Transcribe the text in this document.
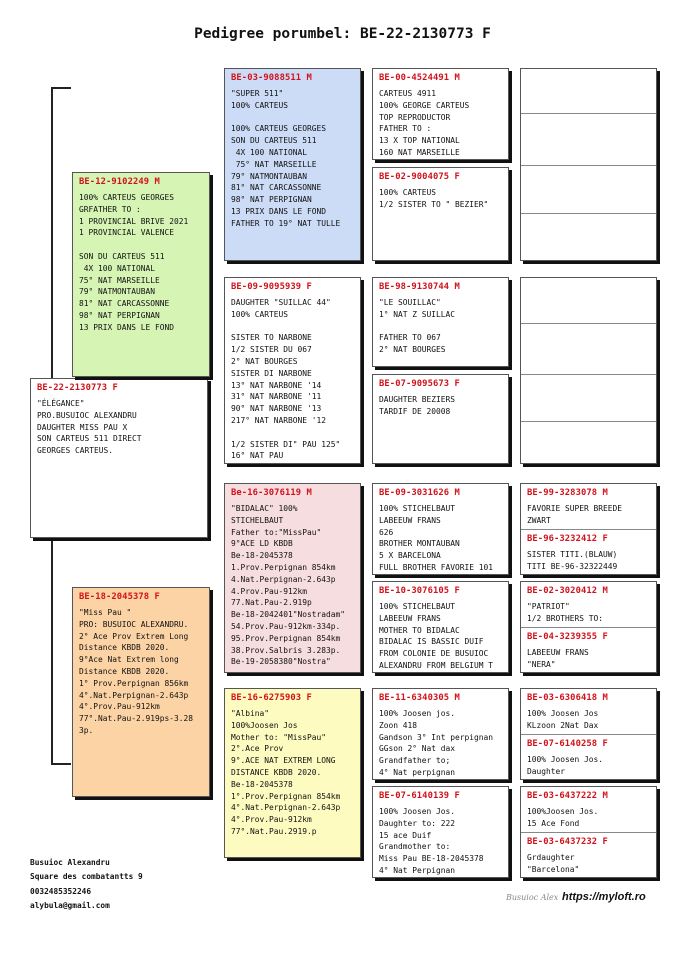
Pedigree porumbel: BE-22-2130773 F
BE-22-2130773 F
"ÉLÉGANCE"
PRO.BUSUIOC ALEXANDRU
DAUGHTER MISS PAU X
SON CARTEUS 511 DIRECT
GEORGES CARTEUS.
BE-12-9102249 M
100% CARTEUS GEORGES
GRFATHER TO :
1 PROVINCIAL BRIVE 2021
1 PROVINCIAL VALENCE

SON DU CARTEUS 511
4X 100 NATIONAL
75° NAT MARSEILLE
79° NATMONTAUBAN
81° NAT CARCASSONNE
98° NAT PERPIGNAN
13 PRIX DANS LE FOND
BE-18-2045378 F
"Miss Pau "
PRO: BUSUIOC ALEXANDRU.
2° Ace Prov Extrem Long
Distance KBDB 2020.
9°Ace Nat Extrem long
Distance KBDB 2020.
1° Prov.Perpignan 856km
4°.Nat.Perpignan-2.643p
4°.Prov.Pau-912km
77°.Nat.Pau-2.919ps-3.28
3p.
BE-03-9088511 M
"SUPER 511"
100% CARTEUS

100% CARTEUS GEORGES
SON DU CARTEUS 511
4X 100 NATIONAL
75° NAT MARSEILLE
79° NATMONTAUBAN
81° NAT CARCASSONNE
98° NAT PERPIGNAN
13 PRIX DANS LE FOND
FATHER TO 19° NAT TULLE
BE-09-9095939 F
DAUGHTER "SUILLAC 44"
100% CARTEUS

SISTER TO NARBONE
1/2 SISTER DU 067
2° NAT BOURGES
SISTER DI NARBONE
13° NAT NARBONE '14
31° NAT NARBONE '11
90° NAT NARBONE '13
217° NAT NARBONE '12

1/2 SISTER DI" PAU 125"
16° NAT PAU
Be-16-3076119 M
"BIDALAC" 100%
STICHELBAUT
Father to:"MissPau"
9°ACE LD KBDB
Be-18-2045378
1.Prov.Perpignan 854km
4.Nat.Perpignan-2.643p
4.Prov.Pau-912km
77.Nat.Pau-2.919p
Be-18-2042401"Nostradam"
54.Prov.Pau-912km-334p.
95.Prov.Perpignan 854km
38.Prov.Salbris 3.283p.
Be-19-2058380"Nostra"
BE-16-6275903 F
"Albina"
100%Joosen Jos
Mother to: "MissPau"
2°.Ace Prov
9°.ACE NAT EXTREM LONG
DISTANCE KBDB 2020.
Be-18-2045378
1°.Prov.Perpignan 854km
4°.Nat.Perpignan-2.643p
4°.Prov.Pau-912km
77°.Nat.Pau.2919.p
BE-00-4524491 M
CARTEUS 4911
100% GEORGE CARTEUS
TOP REPRODUCTOR
FATHER TO :
13 X TOP NATIONAL
160 NAT MARSEILLE
BE-02-9004075 F
100% CARTEUS
1/2 SISTER TO " BEZIER"
BE-98-9130744 M
"LE SOUILLAC"
1° NAT Z SUILLAC

FATHER TO 067
2° NAT BOURGES
BE-07-9095673 F
DAUGHTER BEZIERS
TARDIF DE 20008
BE-09-3031626 M
100% STICHELBAUT
LABEEUW FRANS
626
BROTHER MONTAUBAN
5 X BARCELONA
FULL BROTHER FAVORIE 101
BE-10-3076105 F
100% STICHELBAUT
LABEEUW FRANS
MOTHER TO BIDALAC
BIDALAC IS BASSIC DUIF
FROM COLONIE DE BUSUIOC
ALEXANDRU FROM BELGIUM T
BE-11-6340305 M
100% Joosen jos.
Zoon 418
Gandson 3° Int perpignan
GGson 2° Nat dax
Grandfather to;
4° Nat perpignan
BE-07-6140139 F
100% Joosen Jos.
Daughter to: 222
15 ace Duif
Grandmother to:
Miss Pau BE-18-2045378
4° Nat Perpignan
BE-99-3283078 M
FAVORIE SUPER BREEDE
ZWART
BE-96-3232412 F
SISTER TITI.(BLAUW)
TITI BE-96-32322449
BE-02-3020412 M
"PATRIOT"
1/2 BROTHERS TO:
BE-04-3239355 F
LABEEUW FRANS
"NERA"
BE-03-6306418 M
100% Joosen Jos
KLzoon 2Nat Dax
BE-07-6140258 F
100% Joosen Jos.
Daughter
BE-03-6437222 M
100%Joosen Jos.
15 Ace Fond
BE-03-6437232 F
Grdaughter
"Barcelona"
Busuioc Alexandru
Square des combatantts 9
0032485352246
alybula@gmail.com
Busuioc Alex https://myloft.ro
